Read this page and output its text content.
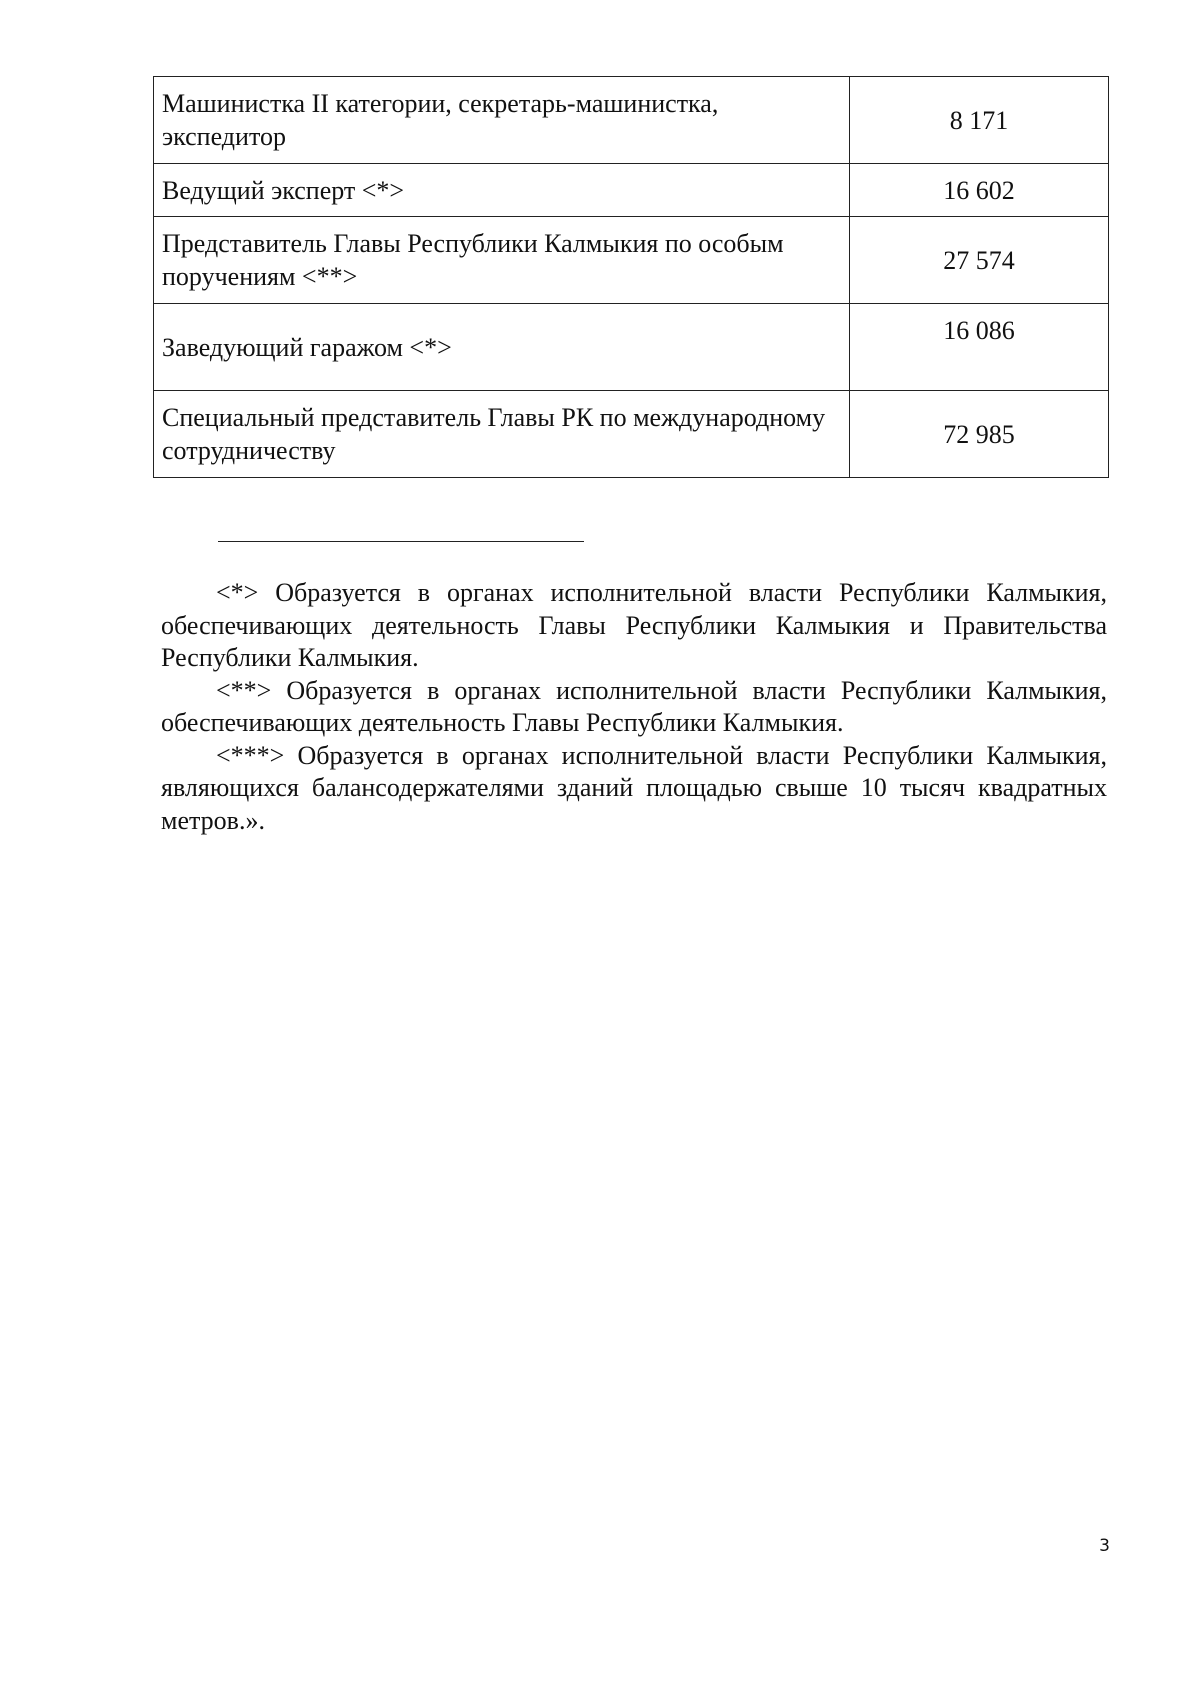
Машинистка II категории, секретарь-машинистка, экспедитор	8 171
Ведущий эксперт <*>	16 602
Представитель Главы Республики Калмыкия по особым поручениям <**>	27 574
Заведующий гаражом <*>	16 086
Специальный представитель Главы РК по международному сотрудничеству	72 985

<*> Образуется в органах исполнительной власти Республики Калмыкия, обеспечивающих деятельность Главы Республики Калмыкия и Правительства Республики Калмыкия.

<**> Образуется в органах исполнительной власти Республики Калмыкия, обеспечивающих деятельность Главы Республики Калмыкия.

<***> Образуется в органах исполнительной власти Республики Калмыкия, являющихся балансодержателями зданий площадью свыше 10 тысяч квадратных метров.».

3
